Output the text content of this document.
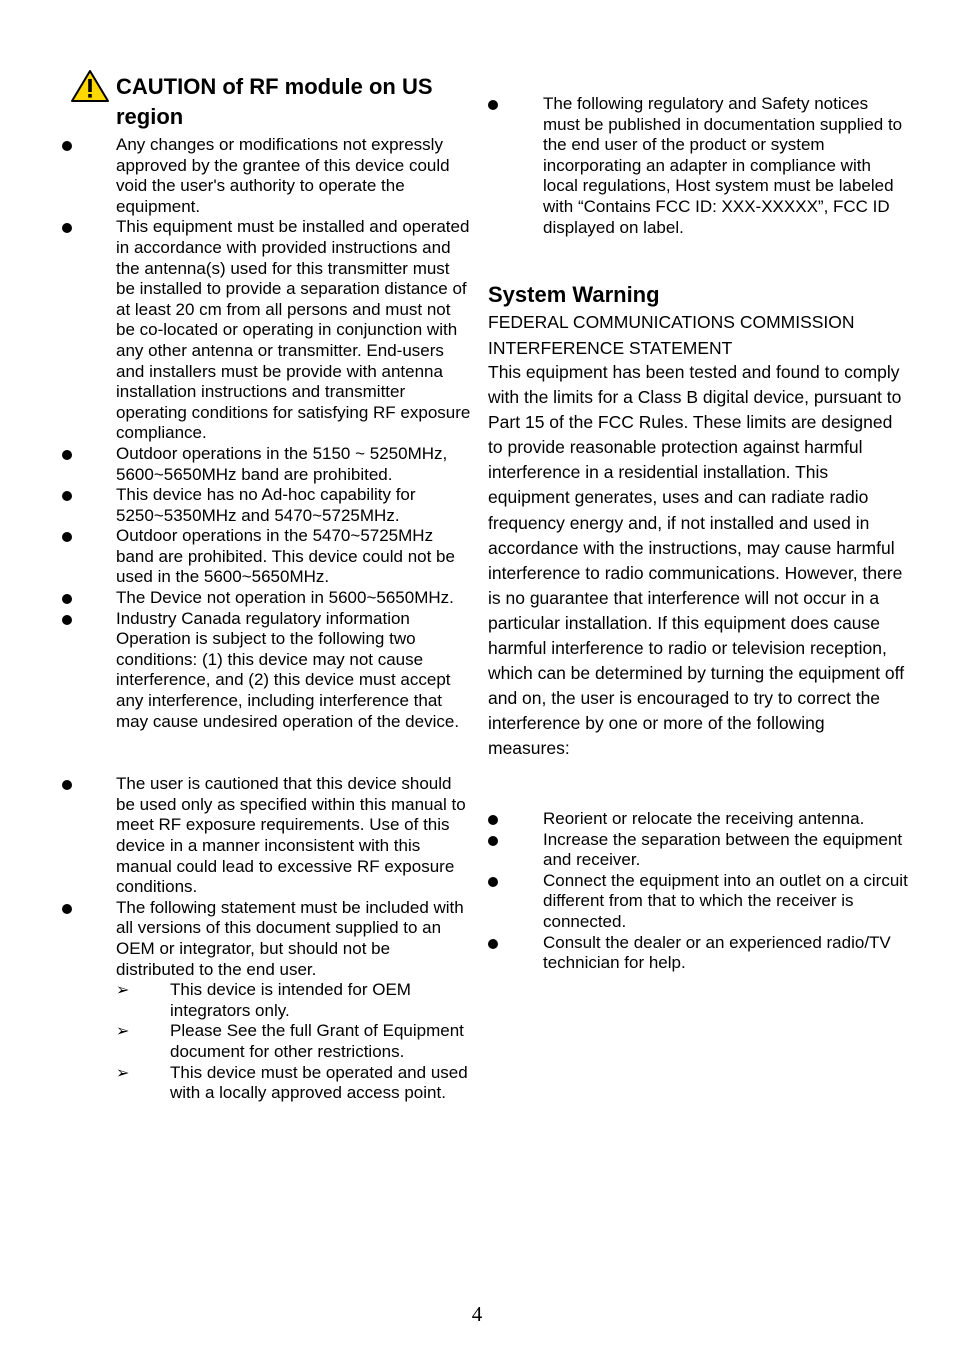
CAUTION of RF module on US region
Any changes or modifications not expressly approved by the grantee of this device could void the user's authority to operate the equipment.
This equipment must be installed and operated in accordance with provided instructions and the antenna(s) used for this transmitter must be installed to provide a separation distance of at least 20 cm from all persons and must not be co-located or operating in conjunction with any other antenna or transmitter. End-users and installers must be provide with antenna installation instructions and transmitter operating conditions for satisfying RF exposure compliance.
Outdoor operations in the 5150 ~ 5250MHz, 5600~5650MHz band are prohibited.
This device has no Ad-hoc capability for 5250~5350MHz and 5470~5725MHz.
Outdoor operations in the 5470~5725MHz band are prohibited. This device could not be used in the 5600~5650MHz.
The Device not operation in 5600~5650MHz.
Industry Canada regulatory information Operation is subject to the following two conditions: (1) this device may not cause interference, and (2) this device must accept any interference, including interference that may cause undesired operation of the device.
The user is cautioned that this device should be used only as specified within this manual to meet RF exposure requirements. Use of this device in a manner inconsistent with this manual could lead to excessive RF exposure conditions.
The following statement must be included with all versions of this document supplied to an OEM or integrator, but should not be distributed to the end user.
➢ This device is intended for OEM integrators only.
➢ Please See the full Grant of Equipment document for other restrictions.
➢ This device must be operated and used with a locally approved access point.
The following regulatory and Safety notices must be published in documentation supplied to the end user of the product or system incorporating an adapter in compliance with local regulations, Host system must be labeled with “Contains FCC ID: XXX-XXXXX”, FCC ID displayed on label.
System Warning
FEDERAL COMMUNICATIONS COMMISSION INTERFERENCE STATEMENT
This equipment has been tested and found to comply with the limits for a Class B digital device, pursuant to Part 15 of the FCC Rules. These limits are designed to provide reasonable protection against harmful interference in a residential installation. This equipment generates, uses and can radiate radio frequency energy and, if not installed and used in accordance with the instructions, may cause harmful interference to radio communications. However, there is no guarantee that interference will not occur in a particular installation. If this equipment does cause harmful interference to radio or television reception, which can be determined by turning the equipment off and on, the user is encouraged to try to correct the interference by one or more of the following measures:
Reorient or relocate the receiving antenna.
Increase the separation between the equipment and receiver.
Connect the equipment into an outlet on a circuit different from that to which the receiver is connected.
Consult the dealer or an experienced radio/TV technician for help.
4
